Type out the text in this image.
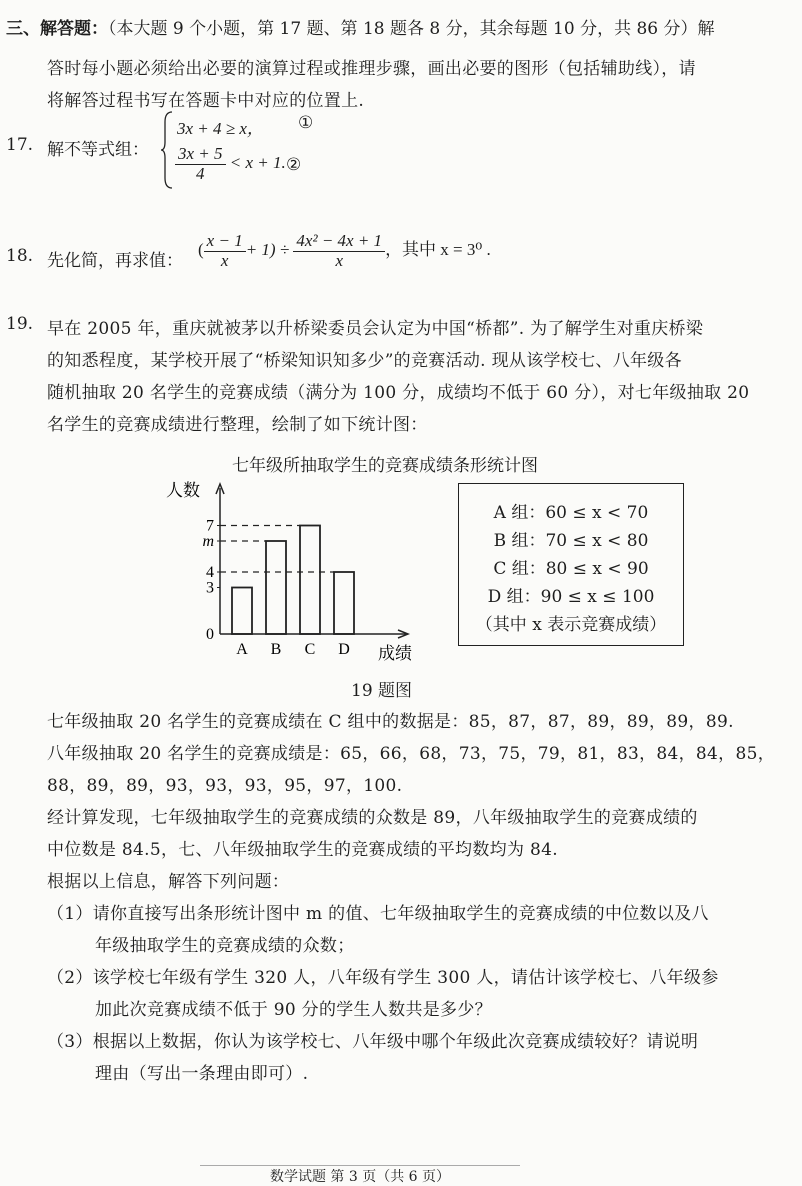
三、解答题：（本大题 9 个小题，第 17 题、第 18 题各 8 分，其余每题 10 分，共 86 分）解
答时每小题必须给出必要的演算过程或推理步骤，画出必要的图形（包括辅助线），请
将解答过程书写在答题卡中对应的位置上.
17. 解不等式组：
3x + 4 ≥ x， ①
$\frac{3x + 5}{4} < x + 1$. ②
18. 先化简，再求值：
( $\frac{x - 1}{x} + 1) \div \frac{\text{4x² − 4x + 1}}{x}$ ，其中 x = 3⁰ .
19. 早在 2005 年，重庆就被茅以升桥梁委员会认定为中国“桥都”. 为了解学生对重庆桥梁
的知悉程度，某学校开展了“桥梁知识知多少”的竞赛活动. 现从该学校七、八年级各
随机抽取 20 名学生的竞赛成绩（满分为 100 分，成绩均不低于 60 分），对七年级抽取 20
名学生的竞赛成绩进行整理，绘制了如下统计图：
七年级所抽取学生的竞赛成绩条形统计图
人数
成绩
A B C D
0
3
4
m
7
A 组：60 ≤ x < 70
B 组：70 ≤ x < 80
C 组：80 ≤ x < 90
D 组：90 ≤ x ≤ 100
（其中 x 表示竞赛成绩）
19 题图
七年级抽取 20 名学生的竞赛成绩在 C 组中的数据是：85，87，87，89，89，89，89.
八年级抽取 20 名学生的竞赛成绩是：65，66，68，73，75，79，81，83，84，84，85，
88，89，89，93，93，93，95，97，100.
经计算发现，七年级抽取学生的竞赛成绩的众数是 89，八年级抽取学生的竞赛成绩的
中位数是 84.5，七、八年级抽取学生的竞赛成绩的平均数均为 84.
根据以上信息，解答下列问题：
（1）请你直接写出条形统计图中 m 的值、七年级抽取学生的竞赛成绩的中位数以及八
年级抽取学生的竞赛成绩的众数；
（2）该学校七年级有学生 320 人，八年级有学生 300 人，请估计该学校七、八年级参
加此次竞赛成绩不低于 90 分的学生人数共是多少？
（3）根据以上数据，你认为该学校七、八年级中哪个年级此次竞赛成绩较好？请说明
理由（写出一条理由即可）.
数学试题 第 3 页（共 6 页）
